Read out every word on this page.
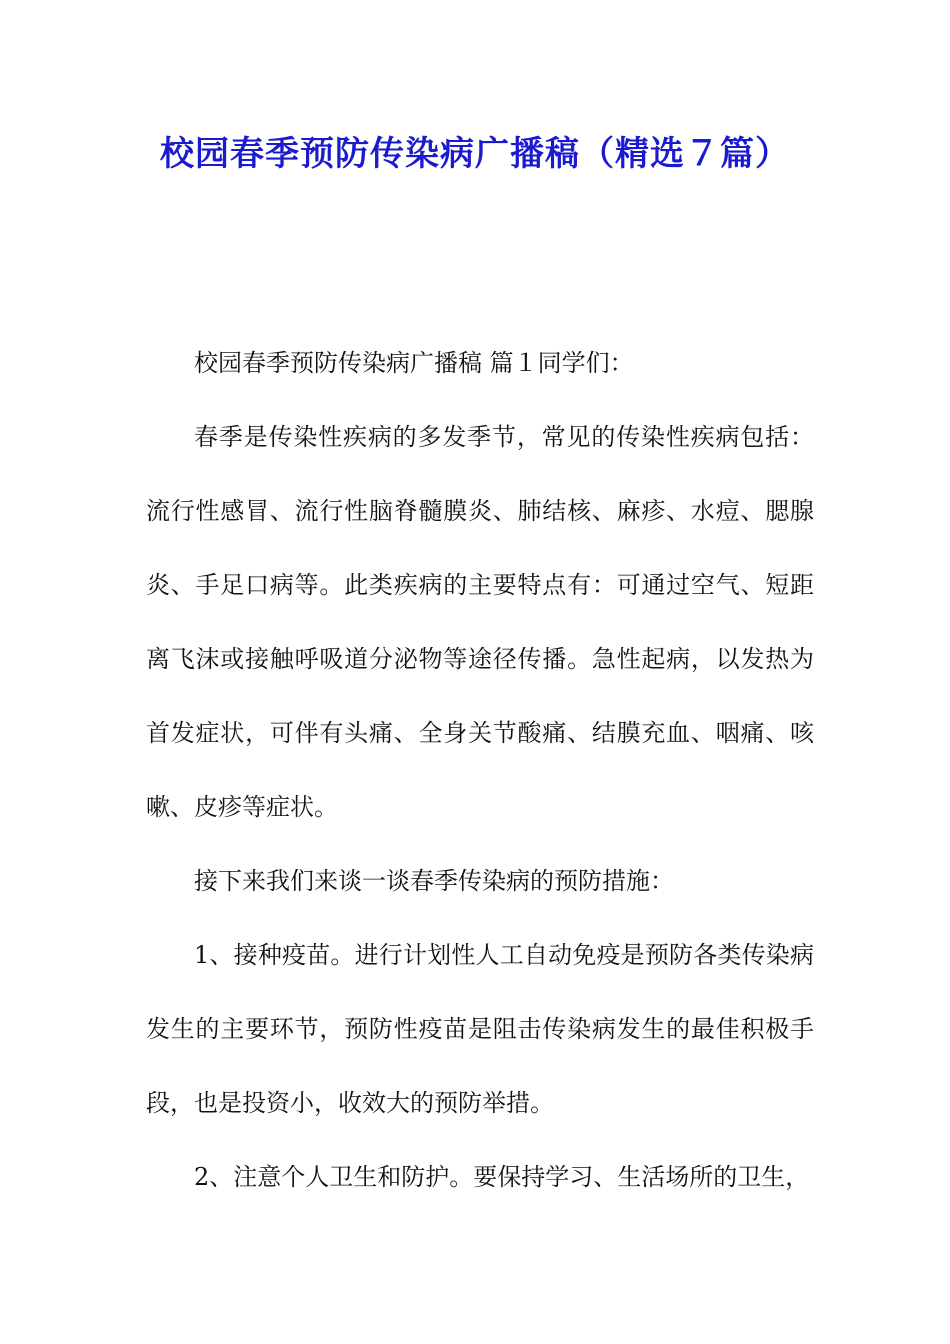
校园春季预防传染病广播稿（精选７篇）

校园春季预防传染病广播稿 篇１同学们：

春季是传染性疾病的多发季节，常见的传染性疾病包括：流行性感冒、流行性脑脊髓膜炎、肺结核、麻疹、水痘、腮腺炎、手足口病等。此类疾病的主要特点有：可通过空气、短距离飞沫或接触呼吸道分泌物等途径传播。急性起病，以发热为首发症状，可伴有头痛、全身关节酸痛、结膜充血、咽痛、咳嗽、皮疹等症状。

接下来我们来谈一谈春季传染病的预防措施：

1、接种疫苗。进行计划性人工自动免疫是预防各类传染病发生的主要环节，预防性疫苗是阻击传染病发生的最佳积极手段，也是投资小，收效大的预防举措。

2、注意个人卫生和防护。要保持学习、生活场所的卫生，
